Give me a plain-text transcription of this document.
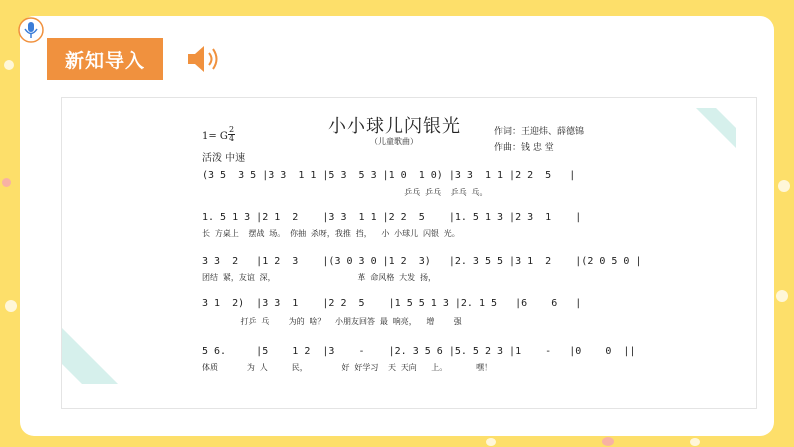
新知导入
小小球儿闪银光
（儿童歌曲）
作词：王迎炜、薛德锦
作曲：钱 忠 堂
1= G
2
4
活泼 中速
(3 5  3 5 |3 3  1 1 |5 3  5 3 |1 0  1 0) |3 3  1 1 |2 2  5   |
乒乓 乒乓  乒乓 乓。
1. 5 1 3 |2 1  2    |3 3  1 1 |2 2  5    |1. 5 1 3 |2 3  1    |
长 方桌上  摆战 场。 你抽 杀呀，我推 挡，  小 小球儿 闪银 光。
3 3  2   |1 2  3    |(3 0 3 0 |1 2  3)   |2. 3 5 5 |3 1  2    |(2 0 5 0 |
团结 紧，友谊 深，                 革 命风格 大发 扬，
3 1  2)  |3 3  1    |2 2  5    |1 5 5 1 3 |2. 1 5   |6    6   |
打乒 乓    为的 啥？  小朋友回答 最 响亮，  增    强
5 6.     |5    1 2  |3    -    |2. 3 5 6 |5. 5 2 3 |1    -   |0    0  ||
体质      为 人     民，       好 好学习  天 天向   上。      嘿！
